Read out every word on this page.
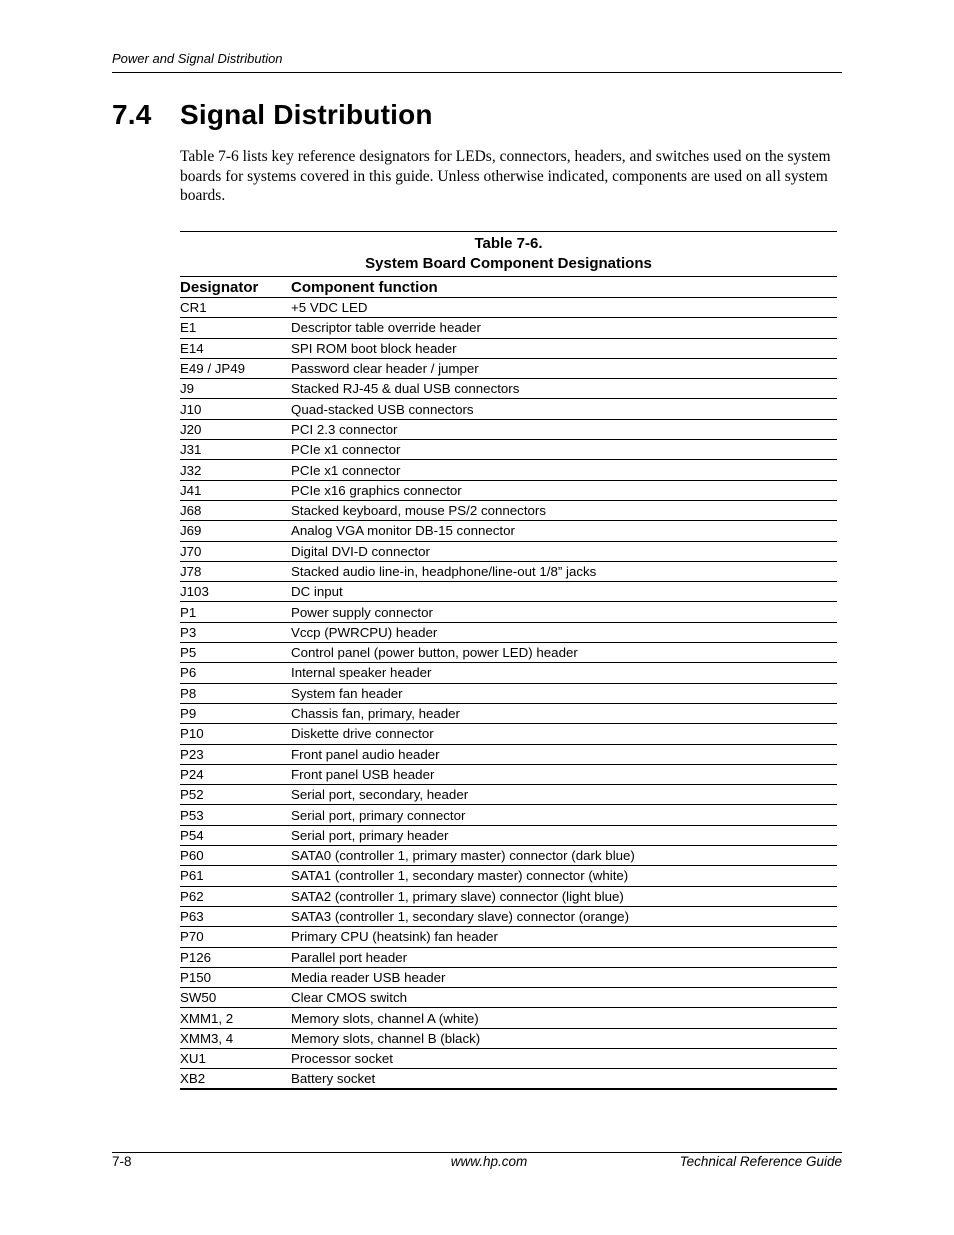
Power and Signal Distribution
7.4 Signal Distribution

Table 7-6 lists key reference designators for LEDs, connectors, headers, and switches used on the system boards for systems covered in this guide. Unless otherwise indicated, components are used on all system boards.

Table 7-6.
System Board Component Designations
Designator	Component function
CR1	+5 VDC LED
E1	Descriptor table override header
E14	SPI ROM boot block header
E49 / JP49	Password clear header / jumper
J9	Stacked RJ-45 & dual USB connectors
J10	Quad-stacked USB connectors
J20	PCI 2.3 connector
J31	PCIe x1 connector
J32	PCIe x1 connector
J41	PCIe x16 graphics connector
J68	Stacked keyboard, mouse PS/2 connectors
J69	Analog VGA monitor DB-15 connector
J70	Digital DVI-D connector
J78	Stacked audio line-in, headphone/line-out 1/8” jacks
J103	DC input
P1	Power supply connector
P3	Vccp (PWRCPU) header
P5	Control panel (power button, power LED) header
P6	Internal speaker header
P8	System fan header
P9	Chassis fan, primary, header
P10	Diskette drive connector
P23	Front panel audio header
P24	Front panel USB header
P52	Serial port, secondary, header
P53	Serial port, primary connector
P54	Serial port, primary header
P60	SATA0 (controller 1, primary master) connector (dark blue)
P61	SATA1 (controller 1, secondary master) connector (white)
P62	SATA2 (controller 1, primary slave) connector (light blue)
P63	SATA3 (controller 1, secondary slave) connector (orange)
P70	Primary CPU (heatsink) fan header
P126	Parallel port header
P150	Media reader USB header
SW50	Clear CMOS switch
XMM1, 2	Memory slots, channel A (white)
XMM3, 4	Memory slots, channel B (black)
XU1	Processor socket
XB2	Battery socket
7-8	www.hp.com	Technical Reference Guide
